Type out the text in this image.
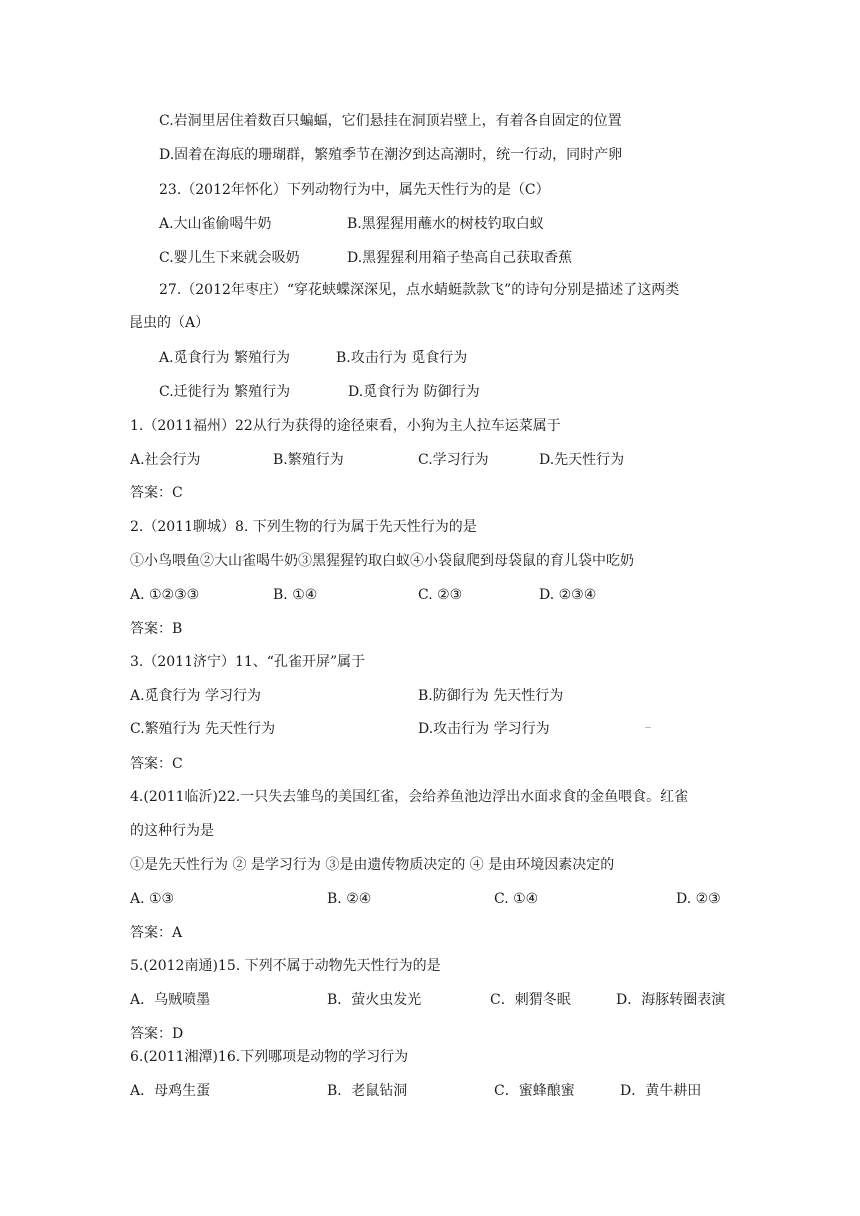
C.岩洞里居住着数百只蝙蝠，它们悬挂在洞顶岩壁上，有着各自固定的位置
D.固着在海底的珊瑚群，繁殖季节在潮汐到达高潮时，统一行动，同时产卵
23.（2012年怀化）下列动物行为中，属先天性行为的是（C）
A.大山雀偷喝牛奶	B.黑猩猩用蘸水的树枝钓取白蚁
C.婴儿生下来就会吸奶	D.黑猩猩利用箱子垫高自己获取香蕉
27.（2012年枣庄）“穿花蛱蝶深深见，点水蜻蜓款款飞”的诗句分别是描述了这两类
昆虫的（A）
A.觅食行为 繁殖行为	B.攻击行为 觅食行为
C.迁徙行为 繁殖行为	D.觅食行为 防御行为
1.（2011福州）22从行为获得的途径柬看，小狗为主人拉车运菜属于
A.社会行为	B.繁殖行为	C.学习行为	D.先天性行为
答案：C
2.（2011聊城）8. 下列生物的行为属于先天性行为的是
①小鸟喂鱼②大山雀喝牛奶③黑猩猩钓取白蚁④小袋鼠爬到母袋鼠的育儿袋中吃奶
A. ①②③③	B. ①④	C. ②③	D. ②③④
答案：B
3.（2011济宁）11、“孔雀开屏”属于
A.觅食行为 学习行为	B.防御行为 先天性行为
C.繁殖行为 先天性行为	D.攻击行为 学习行为
答案：C
4.(2011临沂)22.一只失去雏鸟的美国红雀，会给养鱼池边浮出水面求食的金鱼喂食。红雀
的这种行为是
①是先天性行为 ② 是学习行为 ③是由遗传物质决定的 ④ 是由环境因素决定的
A. ①③	B. ②④	C. ①④	D. ②③
答案：A
5.(2012南通)15. 下列不属于动物先天性行为的是
A．乌贼喷墨	B．萤火虫发光	C．刺猬冬眠	D．海豚转圈表演
答案：D
6.(2011湘潭)16.下列哪项是动物的学习行为
A．母鸡生蛋	B．老鼠钻洞	C．蜜蜂酿蜜	D．黄牛耕田
